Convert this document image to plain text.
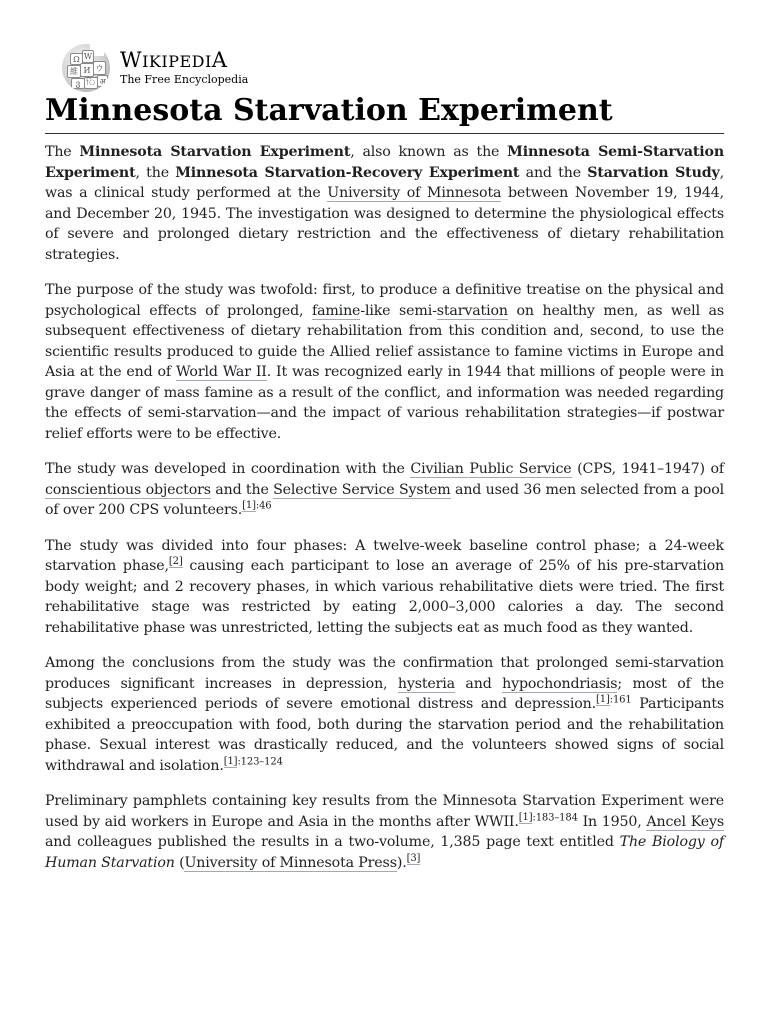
Ω W
維 И ウ
ვ ি अ
WIKIPEDIA
The Free Encyclopedia
Minnesota Starvation Experiment

The Minnesota Starvation Experiment, also known as the Minnesota Semi-Starvation Experiment, the Minnesota Starvation-Recovery Experiment and the Starvation Study, was a clinical study performed at the University of Minnesota between November 19, 1944, and December 20, 1945. The investigation was designed to determine the physiological effects of severe and prolonged dietary restriction and the effectiveness of dietary rehabilitation strategies.

The purpose of the study was twofold: first, to produce a definitive treatise on the physical and psychological effects of prolonged, famine-like semi-starvation on healthy men, as well as subsequent effectiveness of dietary rehabilitation from this condition and, second, to use the scientific results produced to guide the Allied relief assistance to famine victims in Europe and Asia at the end of World War II. It was recognized early in 1944 that millions of people were in grave danger of mass famine as a result of the conflict, and information was needed regarding the effects of semi-starvation—and the impact of various rehabilitation strategies—if postwar relief efforts were to be effective.

The study was developed in coordination with the Civilian Public Service (CPS, 1941–1947) of conscientious objectors and the Selective Service System and used 36 men selected from a pool of over 200 CPS volunteers.$^{[1]:46}$

The study was divided into four phases: A twelve-week baseline control phase; a 24-week starvation phase,[2] causing each participant to lose an average of 25% of his pre-starvation body weight; and 2 recovery phases, in which various rehabilitative diets were tried. The first rehabilitative stage was restricted by eating 2,000–3,000 calories a day. The second rehabilitative phase was unrestricted, letting the subjects eat as much food as they wanted.

Among the conclusions from the study was the confirmation that prolonged semi-starvation produces significant increases in depression, hysteria and hypochondriasis; most of the subjects experienced periods of severe emotional distress and depression.$^{[1]:161}$ Participants exhibited a preoccupation with food, both during the starvation period and the rehabilitation phase. Sexual interest was drastically reduced, and the volunteers showed signs of social withdrawal and isolation.$^{[1]:123-124}$

Preliminary pamphlets containing key results from the Minnesota Starvation Experiment were used by aid workers in Europe and Asia in the months after WWII.$^{[1]:183-184}$ In 1950, Ancel Keys and colleagues published the results in a two-volume, 1,385 page text entitled The Biology of Human Starvation (University of Minnesota Press).[3]
